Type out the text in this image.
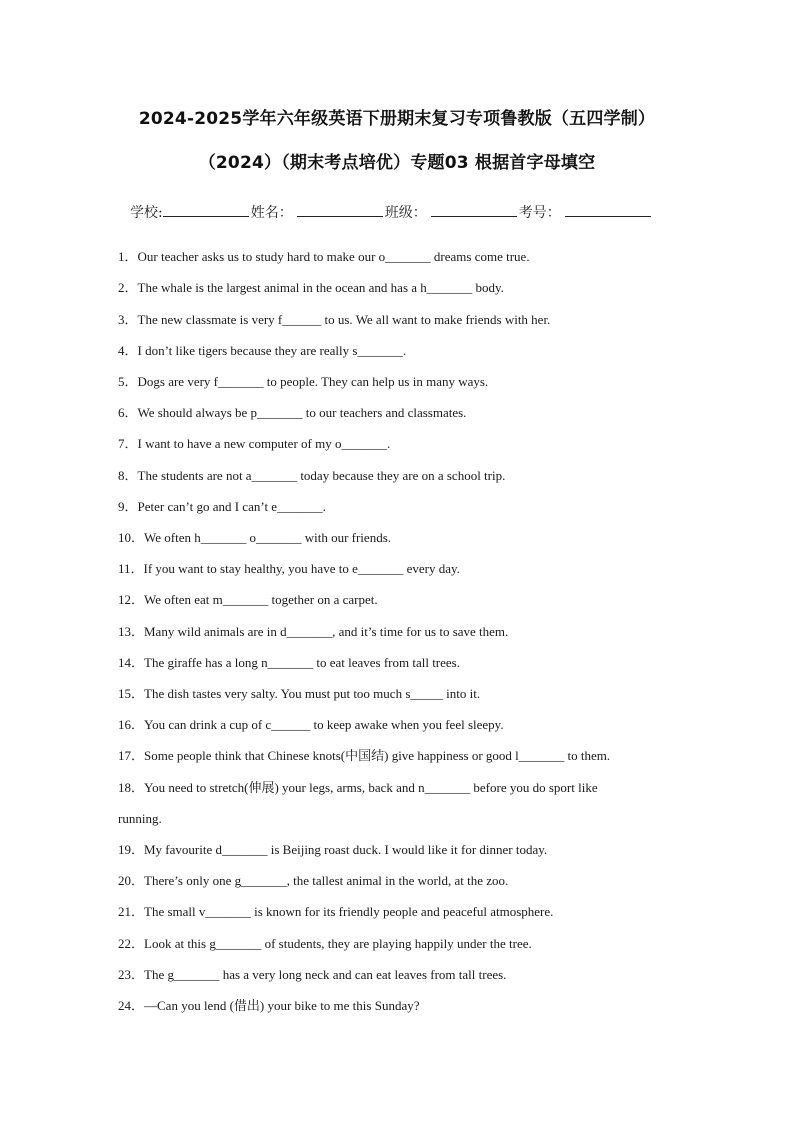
2024-2025学年六年级英语下册期末复习专项鲁教版（五四学制）
（2024）（期末考点培优）专题03 根据首字母填空
学校:	姓名：	班级：	考号：
1．Our teacher asks us to study hard to make our o_______ dreams come true.
2．The whale is the largest animal in the ocean and has a h_______ body.
3．The new classmate is very f______ to us. We all want to make friends with her.
4．I don’t like tigers because they are really s_______.
5．Dogs are very f_______ to people. They can help us in many ways.
6．We should always be p_______ to our teachers and classmates.
7．I want to have a new computer of my o_______.
8．The students are not a_______ today because they are on a school trip.
9．Peter can’t go and I can’t e_______.
10．We often h_______ o_______ with our friends.
11．If you want to stay healthy, you have to e_______ every day.
12．We often eat m_______ together on a carpet.
13．Many wild animals are in d_______, and it’s time for us to save them.
14．The giraffe has a long n_______ to eat leaves from tall trees.
15．The dish tastes very salty. You must put too much s_____ into it.
16．You can drink a cup of c______ to keep awake when you feel sleepy.
17．Some people think that Chinese knots(中国结) give happiness or good l_______ to them.
18．You need to stretch(伸展) your legs, arms, back and n_______ before you do sport like
running.
19．My favourite d_______ is Beijing roast duck. I would like it for dinner today.
20．There’s only one g_______, the tallest animal in the world, at the zoo.
21．The small v_______ is known for its friendly people and peaceful atmosphere.
22．Look at this g_______ of students, they are playing happily under the tree.
23．The g_______ has a very long neck and can eat leaves from tall trees.
24．—Can you lend (借出) your bike to me this Sunday?
